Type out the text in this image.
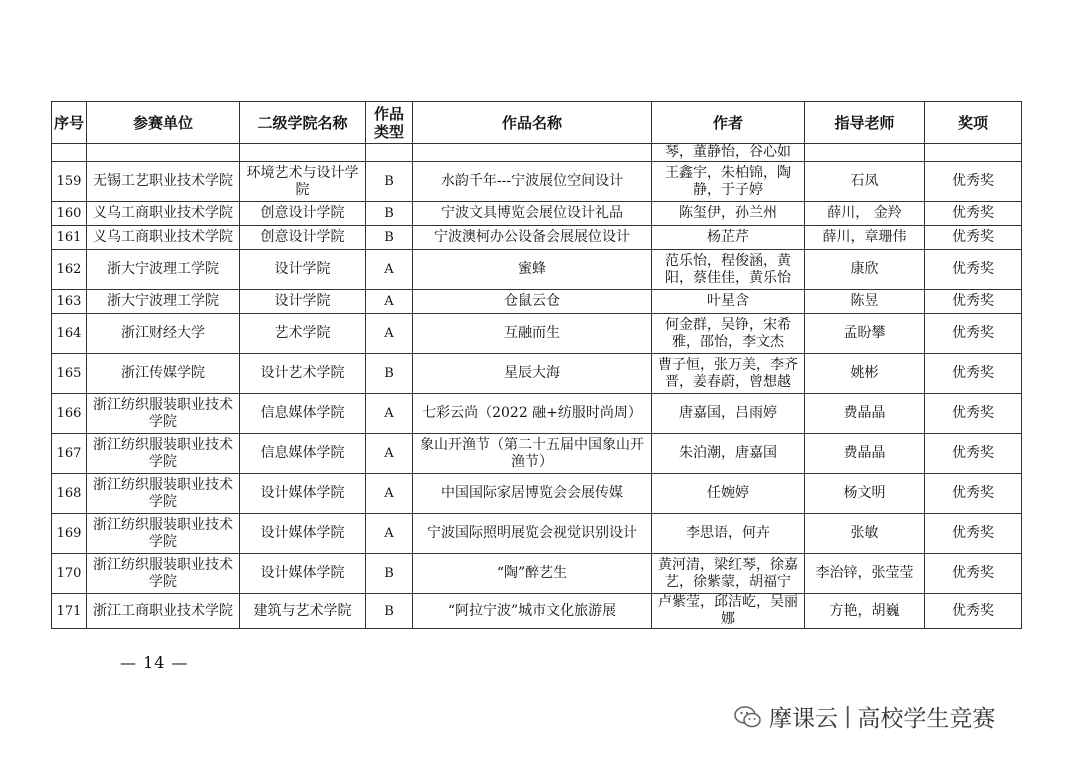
序号	参赛单位	二级学院名称	作品类型	作品名称	作者	指导老师	奖项
					琴，董静怡，谷心如		
159	无锡工艺职业技术学院	环境艺术与设计学院	B	水韵千年---宁波展位空间设计	王鑫宇，朱柏锦，陶静，于子婷	石凤	优秀奖
160	义乌工商职业技术学院	创意设计学院	B	宁波文具博览会展位设计礼品	陈玺伊，孙兰州	薛川， 金羚	优秀奖
161	义乌工商职业技术学院	创意设计学院	B	宁波澳柯办公设备会展展位设计	杨芷芹	薛川，章珊伟	优秀奖
162	浙大宁波理工学院	设计学院	A	蜜蜂	范乐怡，程俊涵，黄阳，蔡佳佳，黄乐怡	康欣	优秀奖
163	浙大宁波理工学院	设计学院	A	仓鼠云仓	叶星含	陈昱	优秀奖
164	浙江财经大学	艺术学院	A	互融而生	何金群，吴铮，宋希雅，邵怡，李文杰	孟盼攀	优秀奖
165	浙江传媒学院	设计艺术学院	B	星辰大海	曹子恒，张万美，李齐晋，姜春蔚，曾想越	姚彬	优秀奖
166	浙江纺织服装职业技术学院	信息媒体学院	A	七彩云尚（2022 融+纺服时尚周）	唐嘉国，吕雨婷	费晶晶	优秀奖
167	浙江纺织服装职业技术学院	信息媒体学院	A	象山开渔节（第二十五届中国象山开渔节）	朱泊潮，唐嘉国	费晶晶	优秀奖
168	浙江纺织服装职业技术学院	设计媒体学院	A	中国国际家居博览会会展传媒	任婉婷	杨文明	优秀奖
169	浙江纺织服装职业技术学院	设计媒体学院	A	宁波国际照明展览会视觉识别设计	李思语，何卉	张敏	优秀奖
170	浙江纺织服装职业技术学院	设计媒体学院	B	“陶”醉艺生	黄河清，梁红琴，徐嘉艺，徐紫蒙，胡福宁	李治锌，张莹莹	优秀奖
171	浙江工商职业技术学院	建筑与艺术学院	B	“阿拉宁波”城市文化旅游展	卢紫莹，邱洁屹，吴丽娜	方艳，胡巍	优秀奖
— 14 —
摩课云 | 高校学生竞赛
